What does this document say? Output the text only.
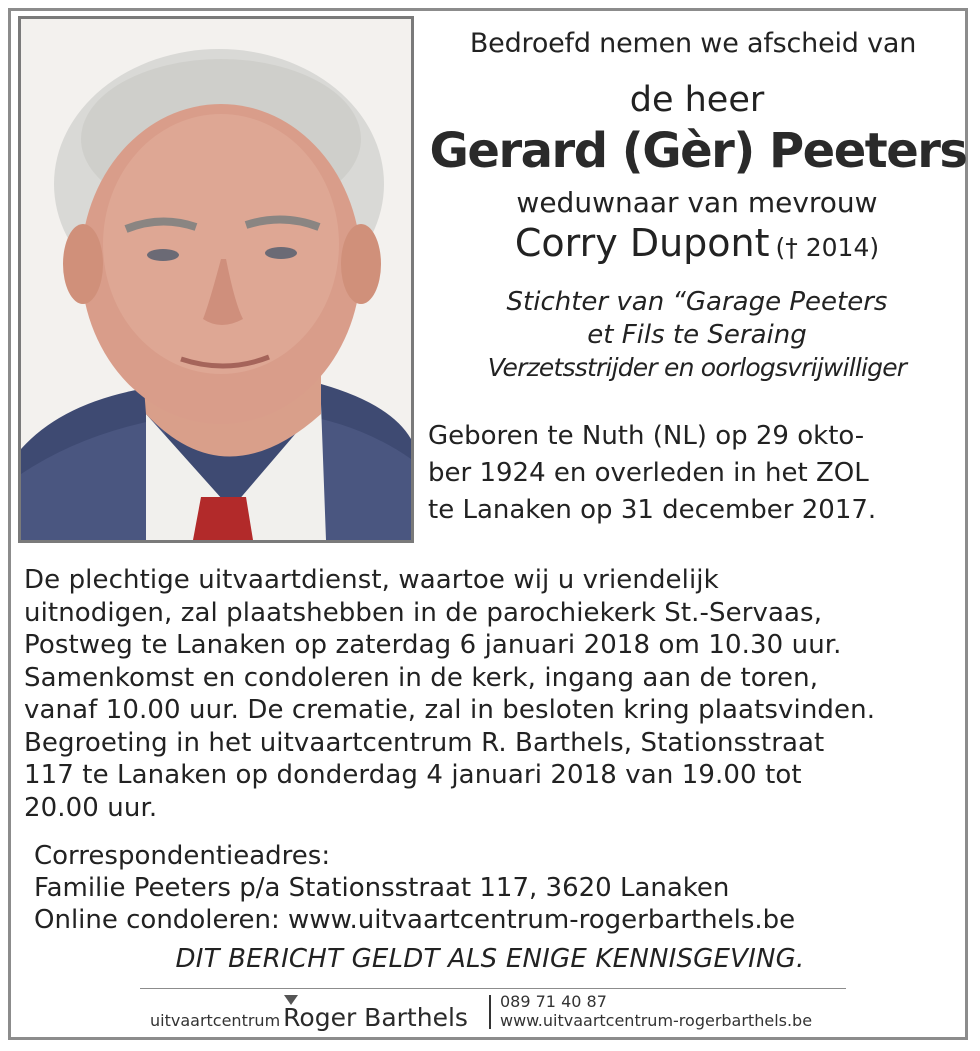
Bedroefd nemen we afscheid van
de heer
Gerard (Gèr) Peeters
weduwnaar van mevrouw
Corry Dupont († 2014)
Stichter van “Garage Peeters
et Fils te Seraing
Verzetsstrijder en oorlogsvrijwilliger
Geboren te Nuth (NL) op 29 okto-
ber 1924 en overleden in het ZOL
te Lanaken op 31 december 2017.
De plechtige uitvaartdienst, waartoe wij u vriendelijk
uitnodigen, zal plaatshebben in de parochiekerk St.-Servaas,
Postweg te Lanaken op zaterdag 6 januari 2018 om 10.30 uur.
Samenkomst en condoleren in de kerk, ingang aan de toren,
vanaf 10.00 uur. De crematie, zal in besloten kring plaatsvinden.
Begroeting in het uitvaartcentrum R. Barthels, Stationsstraat
117 te Lanaken op donderdag 4 januari 2018 van 19.00 tot
20.00 uur.
Correspondentieadres:
Familie Peeters p/a Stationsstraat 117, 3620 Lanaken
Online condoleren: www.uitvaartcentrum-rogerbarthels.be
DIT BERICHT GELDT ALS ENIGE KENNISGEVING.
uitvaartcentrum Roger Barthels
089 71 40 87
www.uitvaartcentrum-rogerbarthels.be
